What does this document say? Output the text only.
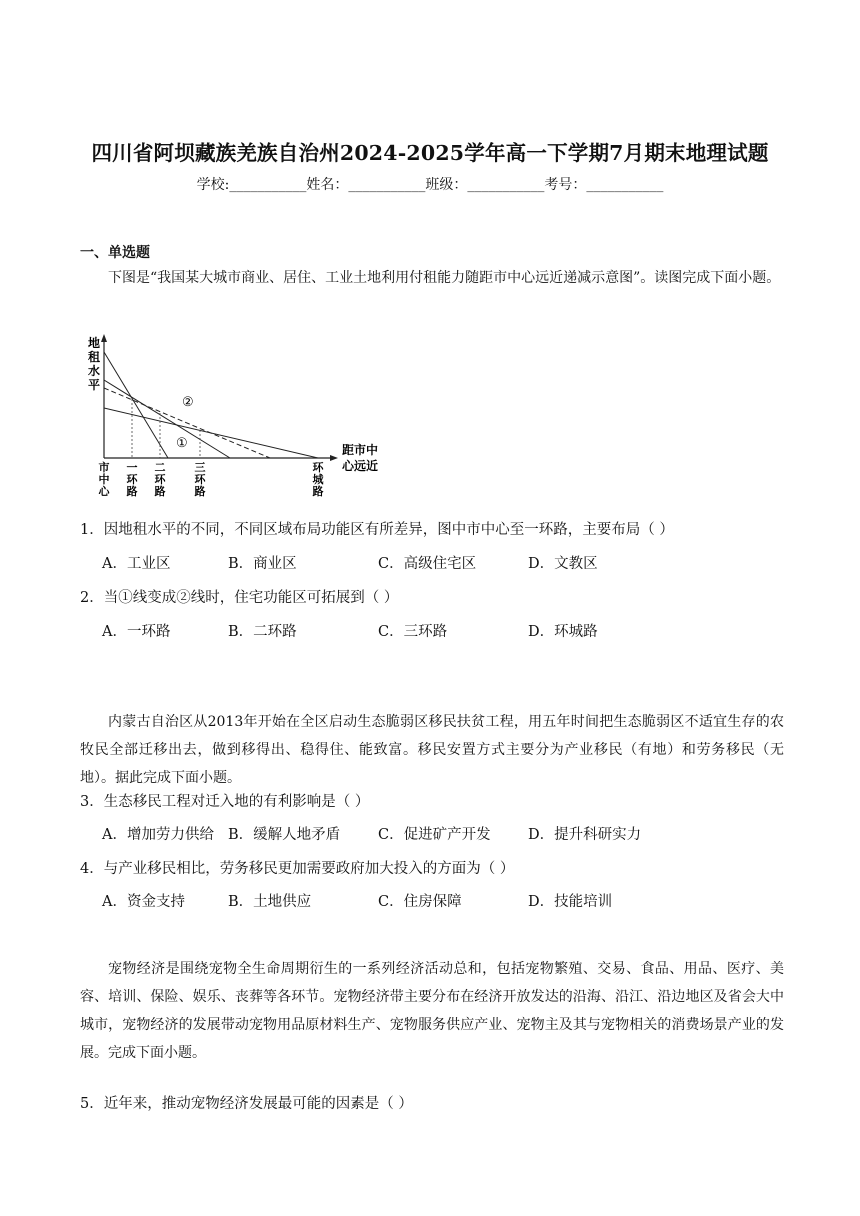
四川省阿坝藏族羌族自治州2024-2025学年高一下学期7月期末地理试题
学校:___________姓名：___________班级：___________考号：___________
一、单选题
下图是“我国某大城市商业、居住、工业土地利用付租能力随距市中心远近递减示意图”。读图完成下面小题。
地
租
水
平
距市中
心远近
②
①
市
中
心
一
环
路
二
环
路
三
环
路
环
城
路
1．因地租水平的不同，不同区域布局功能区有所差异，图中市中心至一环路，主要布局（ ）
A．工业区	B．商业区	C．高级住宅区	D．文教区
2．当①线变成②线时，住宅功能区可拓展到（ ）
A．一环路	B．二环路	C．三环路	D．环城路
内蒙古自治区从2013年开始在全区启动生态脆弱区移民扶贫工程，用五年时间把生态脆弱区不适宜生存的农牧民全部迁移出去，做到移得出、稳得住、能致富。移民安置方式主要分为产业移民（有地）和劳务移民（无地）。据此完成下面小题。
3．生态移民工程对迁入地的有利影响是（ ）
A．增加劳力供给 B．缓解人地矛盾	C．促进矿产开发	D．提升科研实力
4．与产业移民相比，劳务移民更加需要政府加大投入的方面为（ ）
A．资金支持	B．土地供应	C．住房保障	D．技能培训
宠物经济是围绕宠物全生命周期衍生的一系列经济活动总和，包括宠物繁殖、交易、食品、用品、医疗、美容、培训、保险、娱乐、丧葬等各环节。宠物经济带主要分布在经济开放发达的沿海、沿江、沿边地区及省会大中城市，宠物经济的发展带动宠物用品原材料生产、宠物服务供应产业、宠物主及其与宠物相关的消费场景产业的发展。完成下面小题。
5．近年来，推动宠物经济发展最可能的因素是（ ）
